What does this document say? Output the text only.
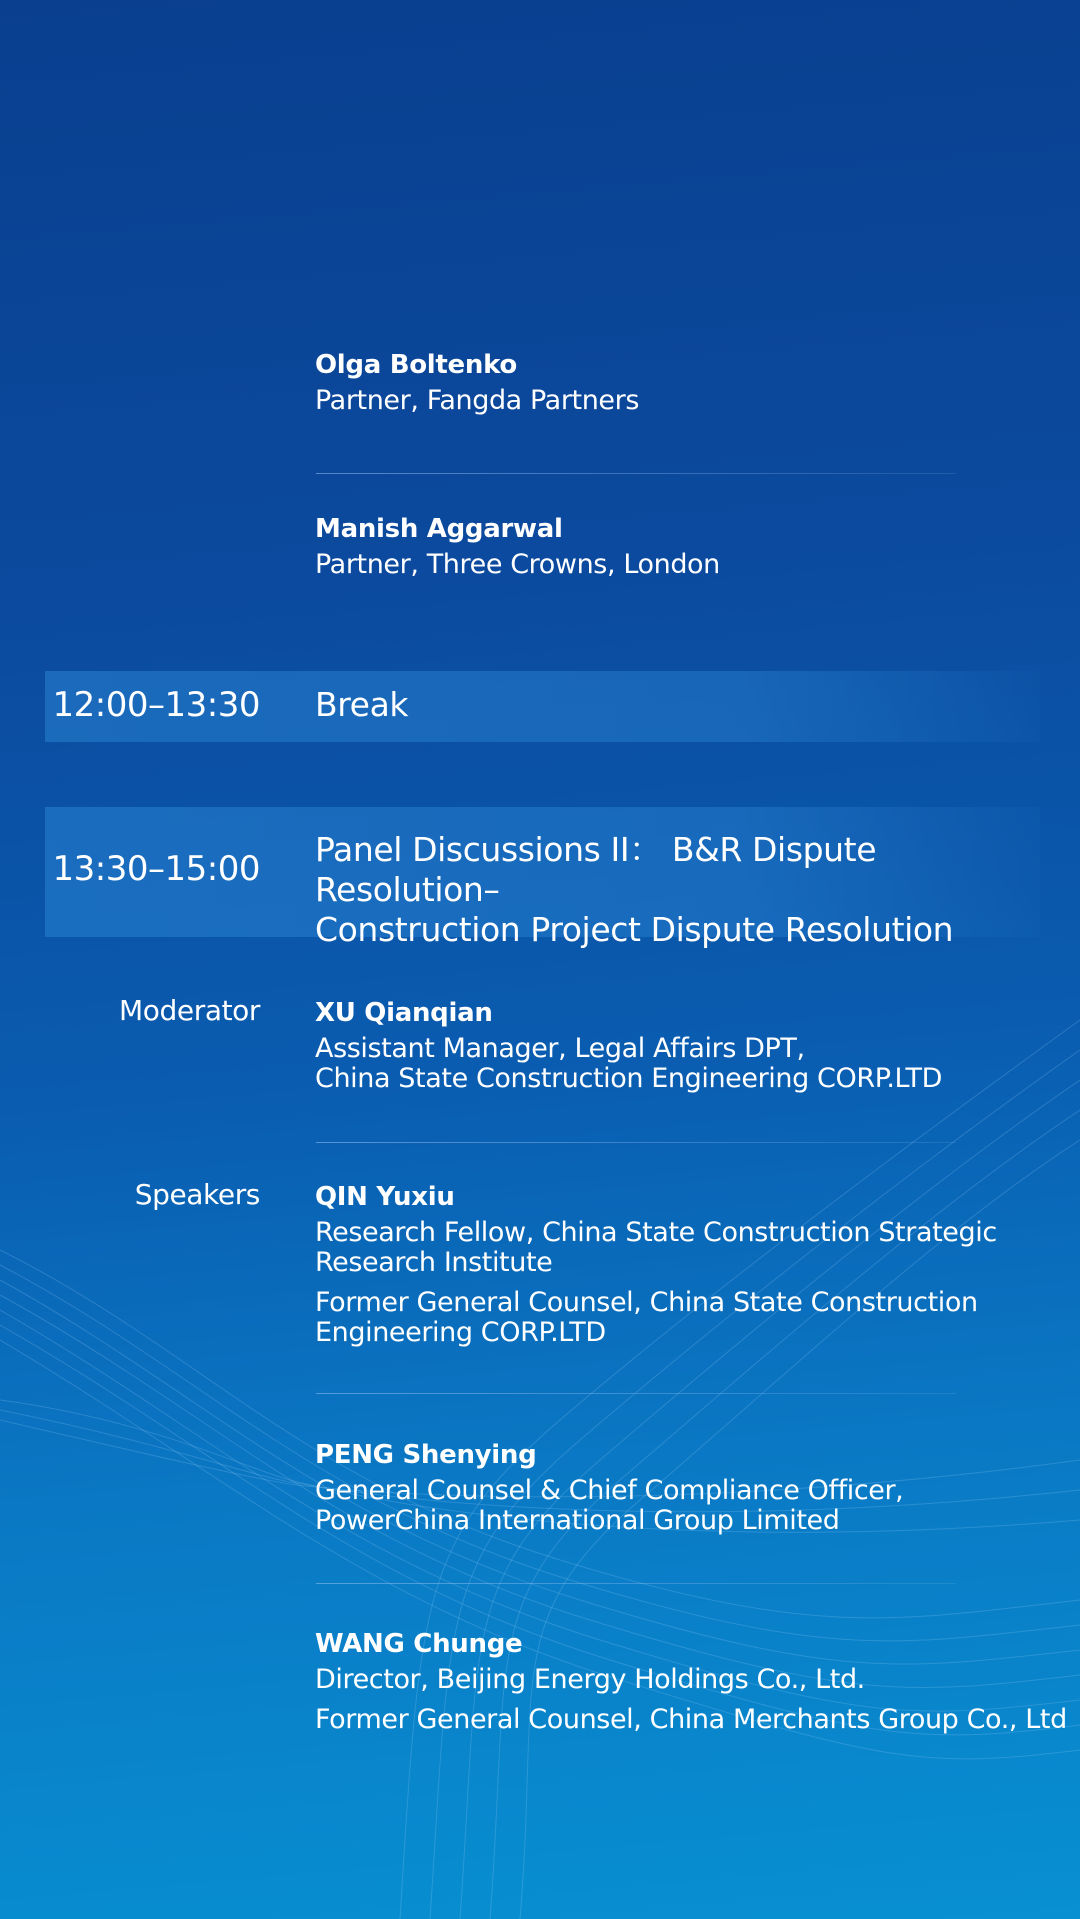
Olga Boltenko
Partner, Fangda Partners
Manish Aggarwal
Partner, Three Crowns, London
12:00–13:30 Break
13:30–15:00 Panel Discussions II： B&R Dispute Resolution–
Construction Project Dispute Resolution
Moderator XU Qianqian
Assistant Manager, Legal Affairs DPT,
China State Construction Engineering CORP.LTD
Speakers QIN Yuxiu
Research Fellow, China State Construction Strategic
Research Institute
Former General Counsel, China State Construction
Engineering CORP.LTD
PENG Shenying
General Counsel & Chief Compliance Officer,
PowerChina International Group Limited
WANG Chunge
Director, Beijing Energy Holdings Co., Ltd.
Former General Counsel, China Merchants Group Co., Ltd
